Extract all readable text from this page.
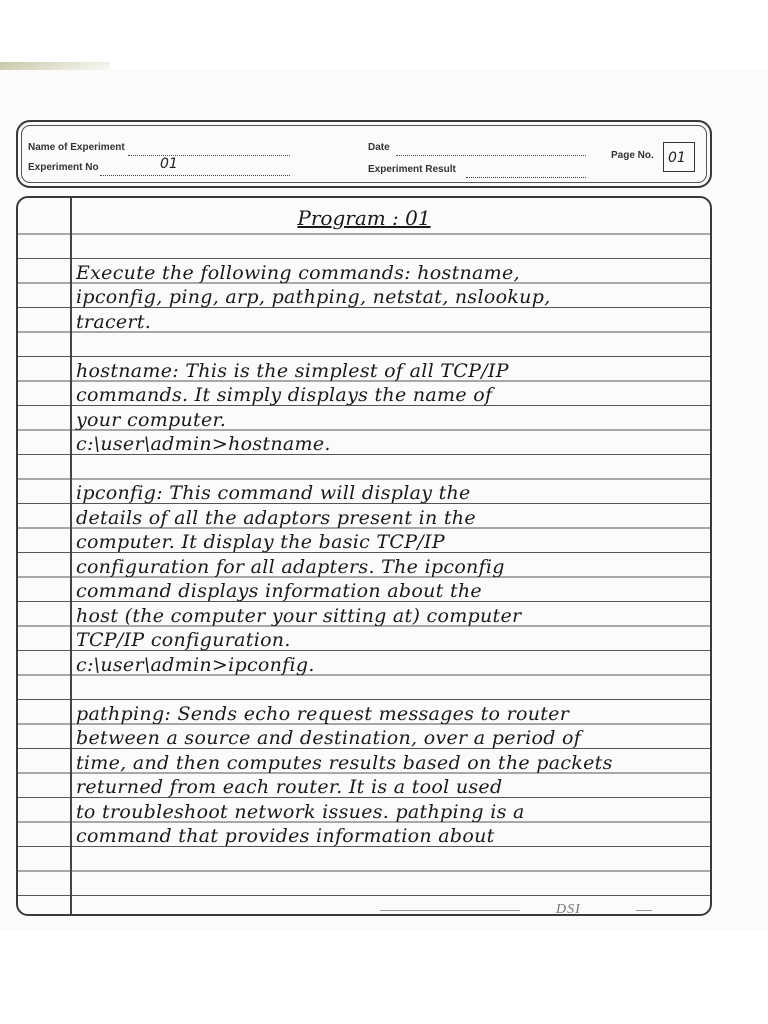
Name of Experiment
Experiment No	01
Date
Experiment Result
Page No. 01
Program : 01

Execute the following commands: hostname,

ipconfig, ping, arp, pathping, netstat, nslookup,

tracert.

hostname: This is the simplest of all TCP/IP

commands. It simply displays the name of

your computer.

c:\user\admin>hostname.

ipconfig: This command will display the

details of all the adaptors present in the

computer. It display the basic TCP/IP

configuration for all adapters. The ipconfig

command displays information about the

host (the computer your sitting at) computer

TCP/IP configuration.

c:\user\admin>ipconfig.

pathping: Sends echo request messages to router

between a source and destination, over a period of

time, and then computes results based on the packets

returned from each router. It is a tool used

to troubleshoot network issues. pathping is a

command that provides information about

DSI
